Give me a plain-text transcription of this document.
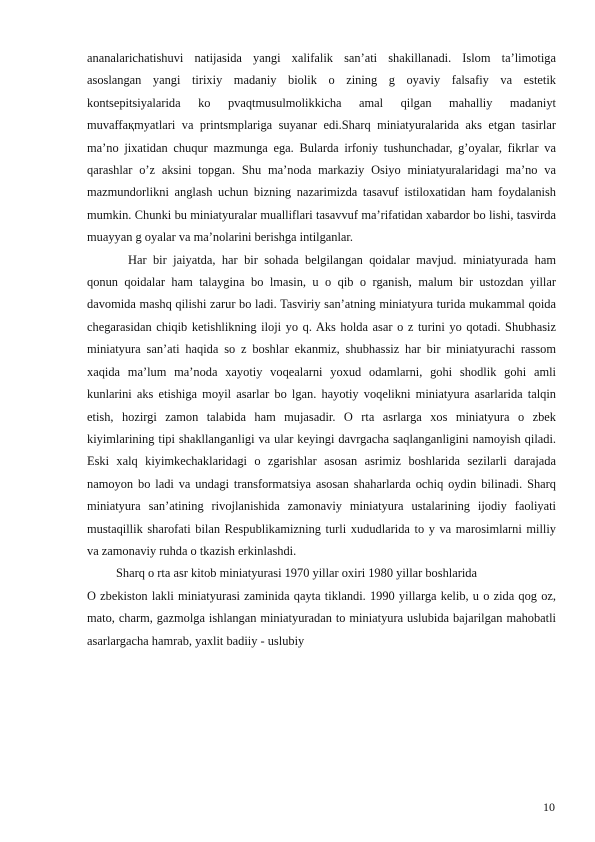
ananalarichatishuvi natijasida yangi xalifalik san’ati shakillanadi. Islom ta’limotiga asoslangan yangi tirixiy madaniy biolik o zining g oyaviy falsafiy va estetik kontsepitsiyalarida ko pvaqtmusulmolikkicha amal qilgan mahalliy madaniyt muvaffaқmyatlari va printsmplariga suyanar edi.Sharq miniatyuralarida aks etgan tasirlar ma’no jixatidan chuqur mazmunga ega. Bularda irfoniy tushunchadar, g’oyalar, fikrlar va qarashlar o’z aksini topgan. Shu ma’noda markaziy Osiyo miniatyuralaridagi ma’no va mazmundorlikni anglash uchun bizning nazarimizda tasavuf istiloxatidan ham foydalanish mumkin. Chunki bu miniatyuralar mualliflari tasavvuf ma’rifatidan xabardor bo lishi, tasvirda muayyan g oyalar va ma’nolarini berishga intilganlar.

Har bir jaiyatda, har bir sohada belgilangan qoidalar mavjud. miniatyurada ham qonun qoidalar ham talaygina bo lmasin, u o qib o rganish, malum bir ustozdan yillar davomida mashq qilishi zarur bo ladi. Tasviriy san’atning miniatyura turida mukammal qoida chegarasidan chiqib ketishlikning iloji yo q. Aks holda asar o z turini yo qotadi. Shubhasiz miniatyura san’ati haqida so z boshlar ekanmiz, shubhassiz har bir miniatyurachi rassom xaqida ma’lum ma’noda xayotiy voqealarni yoxud odamlarni, gohi shodlik gohi amli kunlarini aks etishiga moyil asarlar bo lgan. hayotiy voqelikni miniatyura asarlarida talqin etish, hozirgi zamon talabida ham mujasadir. O rta asrlarga xos miniatyura o zbek kiyimlarining tipi shakllanganligi va ular keyingi davrgacha saqlanganligini namoyish qiladi. Eski xalq kiyimkechaklaridagi o zgarishlar asosan asrimiz boshlarida sezilarli darajada namoyon bo ladi va undagi transformatsiya asosan shaharlarda ochiq oydin bilinadi. Sharq miniatyura san’atining rivojlanishida zamonaviy miniatyura ustalarining ijodiy faoliyati mustaqillik sharofati bilan Respublikamizning turli xududlarida to y va marosimlarni milliy va zamonaviy ruhda o tkazish erkinlashdi.

Sharq o rta asr kitob miniatyurasi 1970 yillar oxiri 1980 yillar boshlarida

O zbekiston lakli miniatyurasi zaminida qayta tiklandi. 1990 yillarga kelib, u o zida qog oz, mato, charm, gazmolga ishlangan miniatyuradan to miniatyura uslubida bajarilgan mahobatli asarlargacha hamrab, yaxlit badiiy - uslubiy

10
